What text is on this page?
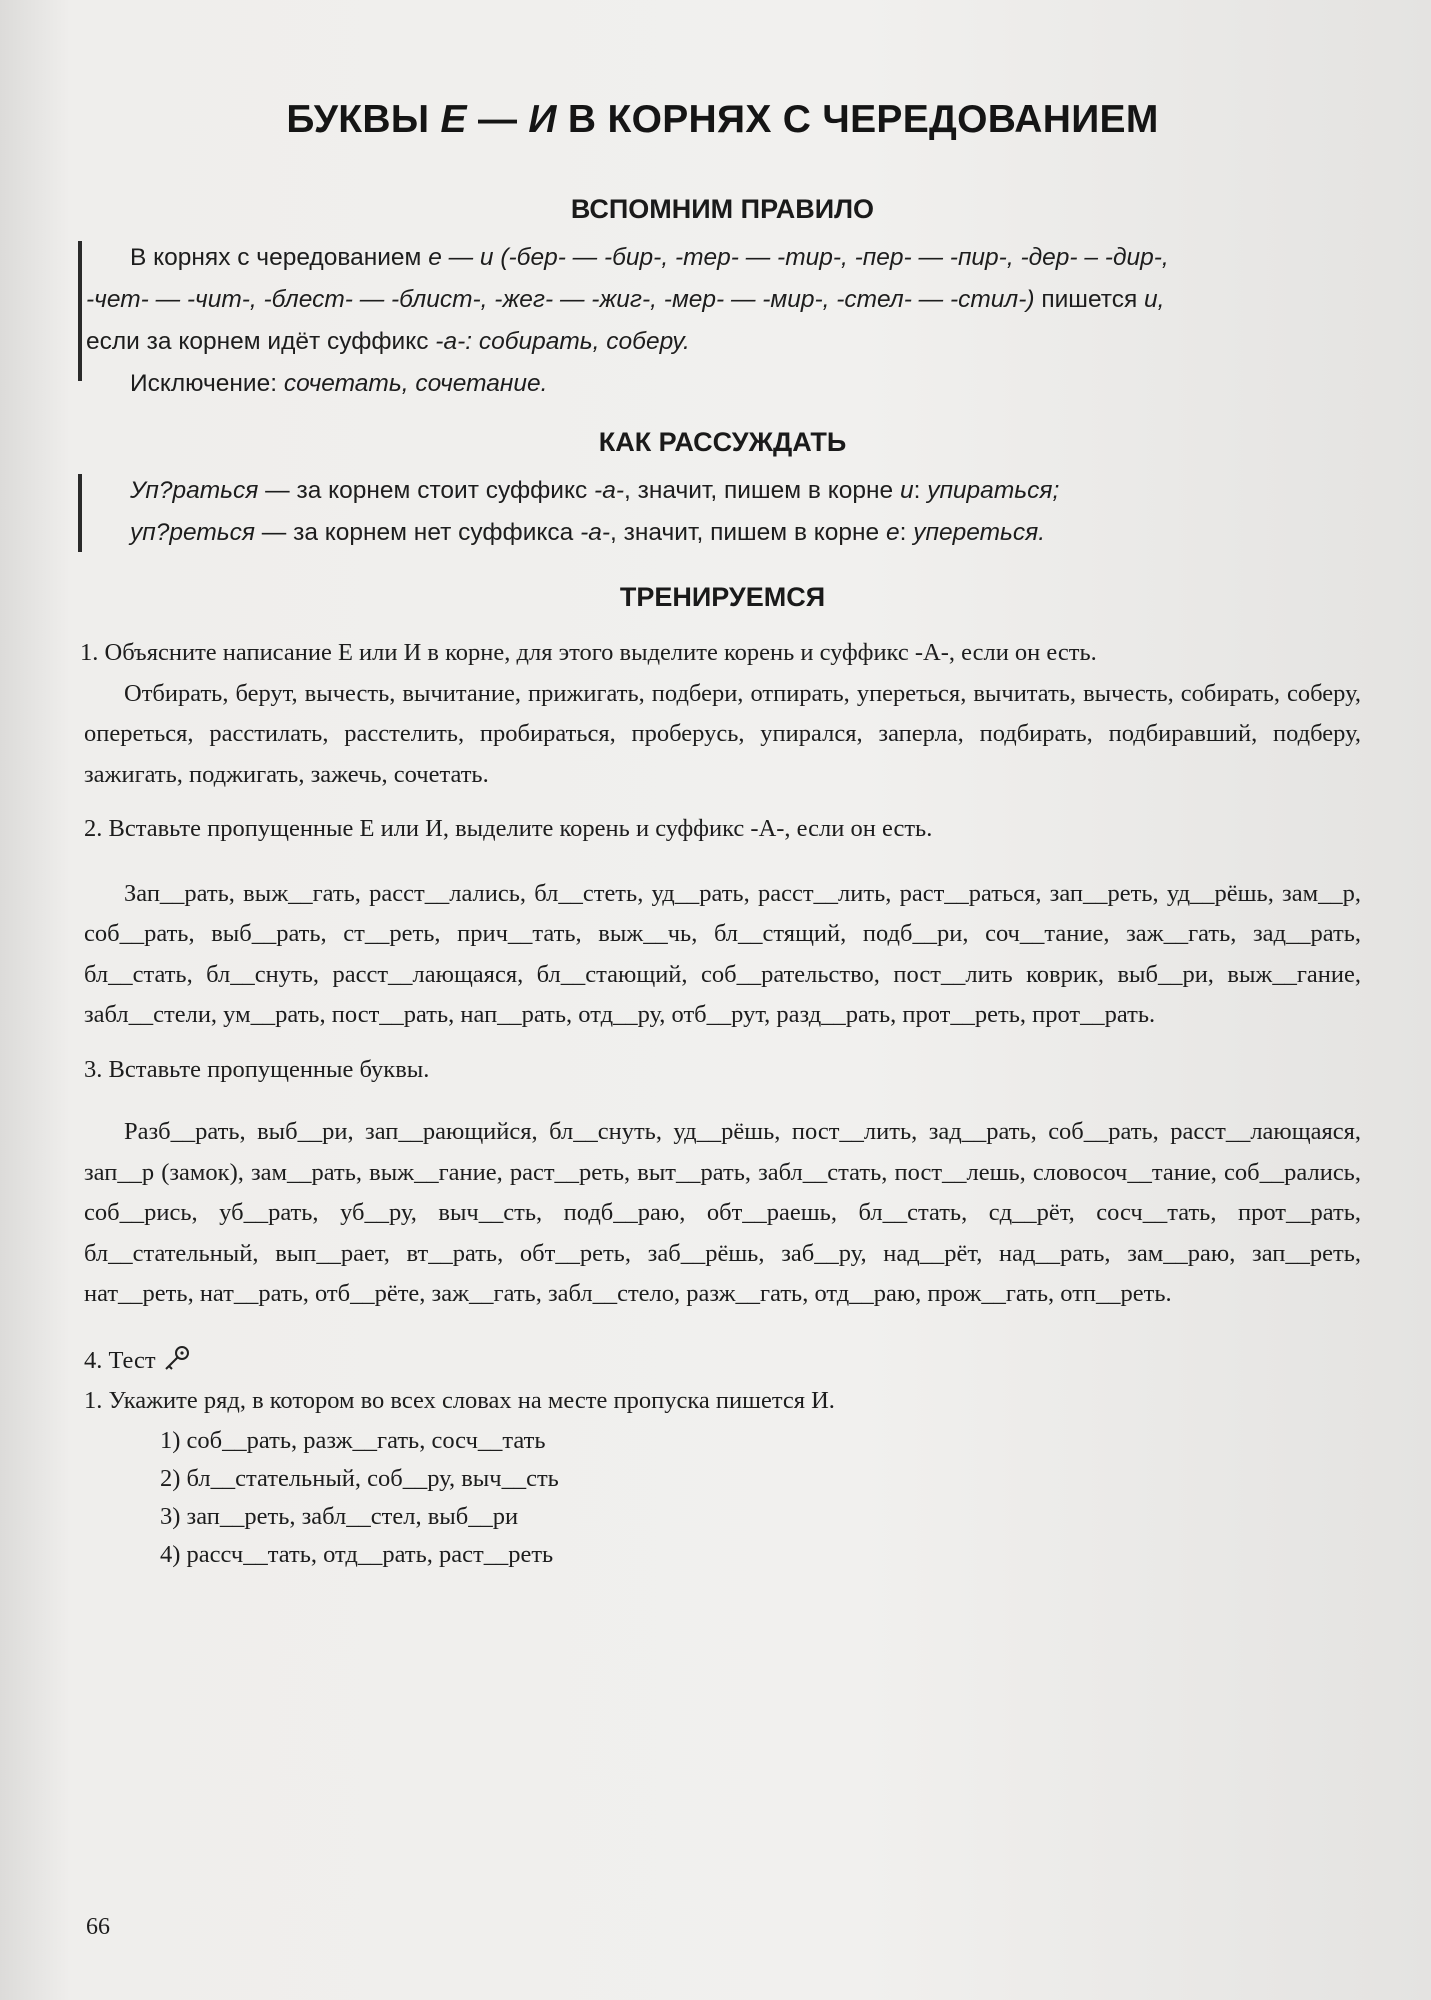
БУКВЫ Е — И В КОРНЯХ С ЧЕРЕДОВАНИЕМ
ВСПОМНИМ ПРАВИЛО

В корнях с чередованием е — и (-бер- — -бир-, -тер- — -тир-, -пер- — -пир-, -дер- – -дир-,

-чет- — -чит-, -блест- — -блист-, -жег- — -жиг-, -мер- — -мир-, -стел- — -стил-) пишется и,

если за корнем идёт суффикс -а-: собирать, соберу.

Исключение: сочетать, сочетание.

КАК РАССУЖДАТЬ

Уп?раться — за корнем стоит суффикс -а-, значит, пишем в корне и: упираться;

уп?реться — за корнем нет суффикса -а-, значит, пишем в корне е: упереться.

ТРЕНИРУЕМСЯ

1. Объясните написание Е или И в корне, для этого выделите корень и суффикс -А-, если он есть.

Отбирать, берут, вычесть, вычитание, прижигать, подбери, отпирать, упереться, вычитать, вычесть, собирать, соберу, опереться, расстилать, расстелить, пробираться, проберусь, упирался, заперла, подбирать, подбиравший, подберу, зажигать, поджигать, зажечь, сочетать.

2. Вставьте пропущенные Е или И, выделите корень и суффикс -А-, если он есть.

Зап__рать, выж__гать, расст__лались, бл__стеть, уд__рать, расст__лить, раст__раться, зап__реть, уд__рёшь, зам__р, соб__рать, выб__рать, ст__реть, прич__тать, выж__чь, бл__стящий, подб__ри, соч__тание, заж__гать, зад__рать, бл__стать, бл__снуть, расст__лающаяся, бл__стающий, соб__рательство, пост__лить коврик, выб__ри, выж__гание, забл__стели, ум__рать, пост__рать, нап__рать, отд__ру, отб__рут, разд__рать, прот__реть, прот__рать.

3. Вставьте пропущенные буквы.

Разб__рать, выб__ри, зап__рающийся, бл__снуть, уд__рёшь, пост__лить, зад__рать, соб__рать, расст__лающаяся, зап__р (замок), зам__рать, выж__гание, раст__реть, выт__рать, забл__стать, пост__лешь, словосоч__тание, соб__рались, соб__рись, уб__рать, уб__ру, выч__сть, подб__раю, обт__раешь, бл__стать, сд__рёт, сосч__тать, прот__рать, бл__стательный, вып__рает, вт__рать, обт__реть, заб__рёшь, заб__ру, над__рёт, над__рать, зам__раю, зап__реть, нат__реть, нат__рать, отб__рёте, заж__гать, забл__стело, разж__гать, отд__раю, прож__гать, отп__реть.

4. Тест

1. Укажите ряд, в котором во всех словах на месте пропуска пишется И.

1) соб__рать, разж__гать, сосч__тать
2) бл__стательный, соб__ру, выч__сть
3) зап__реть, забл__стел, выб__ри
4) рассч__тать, отд__рать, раст__реть
66
